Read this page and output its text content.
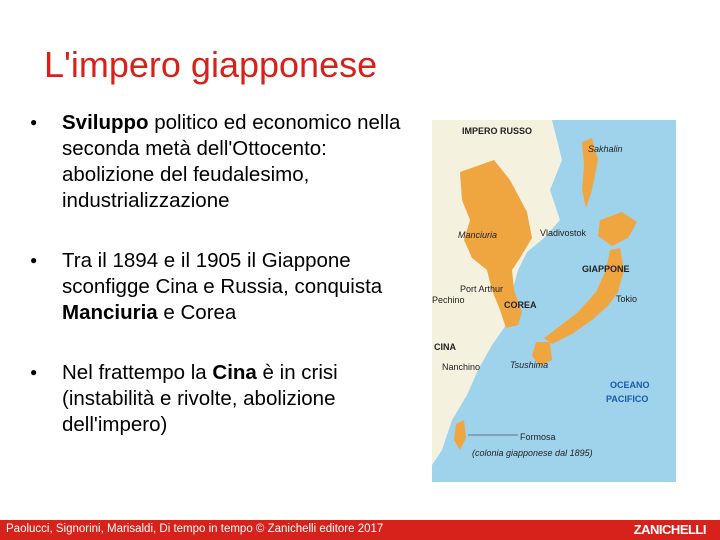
L'impero giapponese
● Sviluppo politico ed economico nella seconda metà dell'Ottocento: abolizione del feudalesimo, industrializzazione
● Tra il 1894 e il 1905 il Giappone sconfigge Cina e Russia, conquista Manciuria e Corea
● Nel frattempo la Cina è in crisi (instabilità e rivolte, abolizione dell'impero)
IMPERO RUSSO
Sakhalin
Manciuria	Vladivostok
GIAPPONE
Port Arthur
Pechino	COREA
Tokio
CINA
Nanchino	Tsushima
OCEANO
PACIFICO
Formosa
(colonia giapponese dal 1895)
Paolucci, Signorini, Marisaldi, Di tempo in tempo © Zanichelli editore 2017	ZANICHELLI
